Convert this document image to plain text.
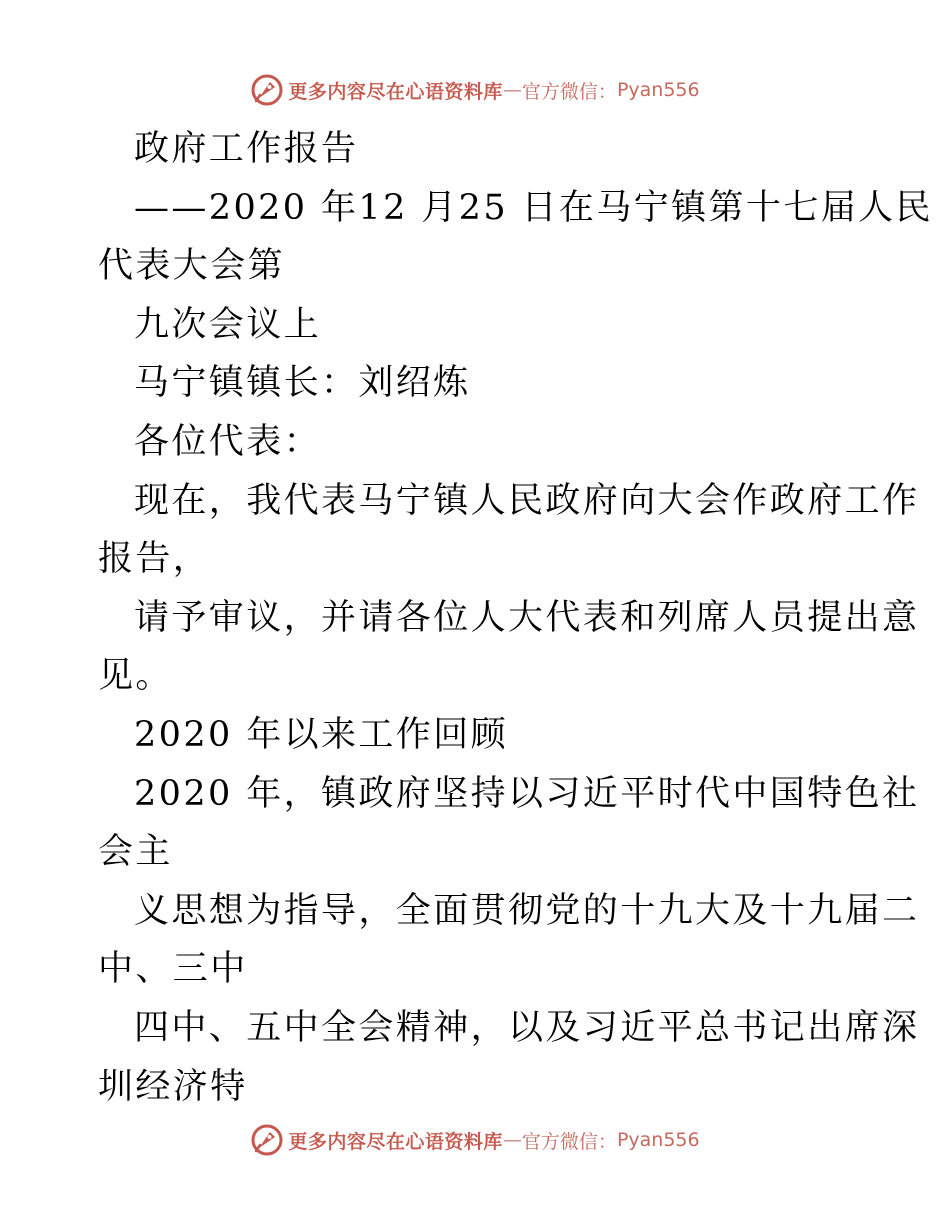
更多内容尽在心语资料库 — 官方微信： Pyan556
政府工作报告
——2020 年12 月25 日在马宁镇第十七届人民
代表大会第
九次会议上
马宁镇镇长：刘绍炼
各位代表：
现在，我代表马宁镇人民政府向大会作政府工作
报告，
请予审议，并请各位人大代表和列席人员提出意
见。
2020 年以来工作回顾
2020 年，镇政府坚持以习近平时代中国特色社
会主
义思想为指导，全面贯彻党的十九大及十九届二
中、三中
四中、五中全会精神，以及习近平总书记出席深
圳经济特
更多内容尽在心语资料库 — 官方微信： Pyan556
